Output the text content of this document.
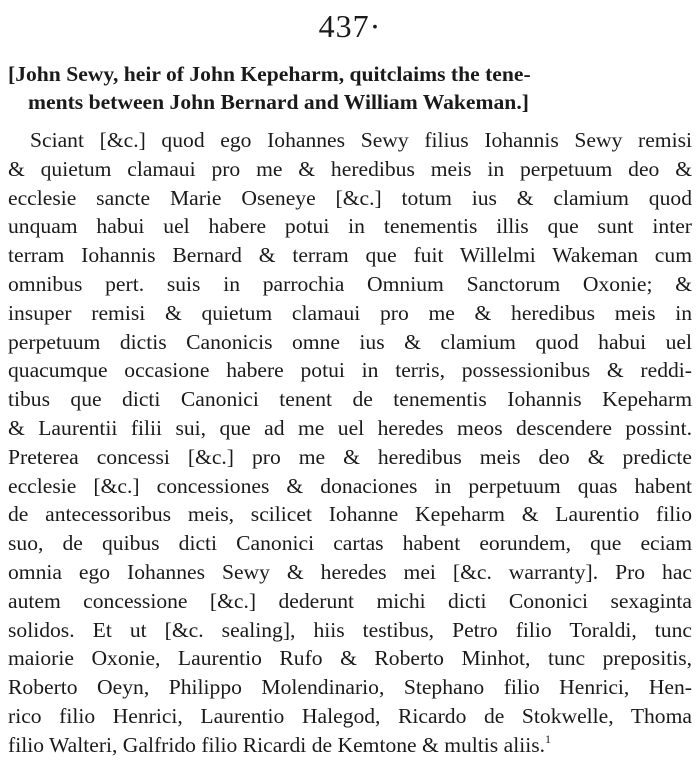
437·
[John Sewy, heir of John Kepeharm, quitclaims the tene-
ments between John Bernard and William Wakeman.]
Sciant [&c.] quod ego Iohannes Sewy filius Iohannis Sewy remisi
& quietum clamaui pro me & heredibus meis in perpetuum deo &
ecclesie sancte Marie Oseneye [&c.] totum ius & clamium quod
unquam habui uel habere potui in tenementis illis que sunt inter
terram Iohannis Bernard & terram que fuit Willelmi Wakeman cum
omnibus pert. suis in parrochia Omnium Sanctorum Oxonie; &
insuper remisi & quietum clamaui pro me & heredibus meis in
perpetuum dictis Canonicis omne ius & clamium quod habui uel
quacumque occasione habere potui in terris, possessionibus & reddi-
tibus que dicti Canonici tenent de tenementis Iohannis Kepeharm
& Laurentii filii sui, que ad me uel heredes meos descendere possint.
Preterea concessi [&c.] pro me & heredibus meis deo & predicte
ecclesie [&c.] concessiones & donaciones in perpetuum quas habent
de antecessoribus meis, scilicet Iohanne Kepeharm & Laurentio filio
suo, de quibus dicti Canonici cartas habent eorundem, que eciam
omnia ego Iohannes Sewy & heredes mei [&c. warranty]. Pro hac
autem concessione [&c.] dederunt michi dicti Cononici sexaginta
solidos. Et ut [&c. sealing], hiis testibus, Petro filio Toraldi, tunc
maiorie Oxonie, Laurentio Rufo & Roberto Minhot, tunc prepositis,
Roberto Oeyn, Philippo Molendinario, Stephano filio Henrici, Hen-
rico filio Henrici, Laurentio Halegod, Ricardo de Stokwelle, Thoma
filio Walteri, Galfrido filio Ricardi de Kemtone & multis aliis.$^1$
